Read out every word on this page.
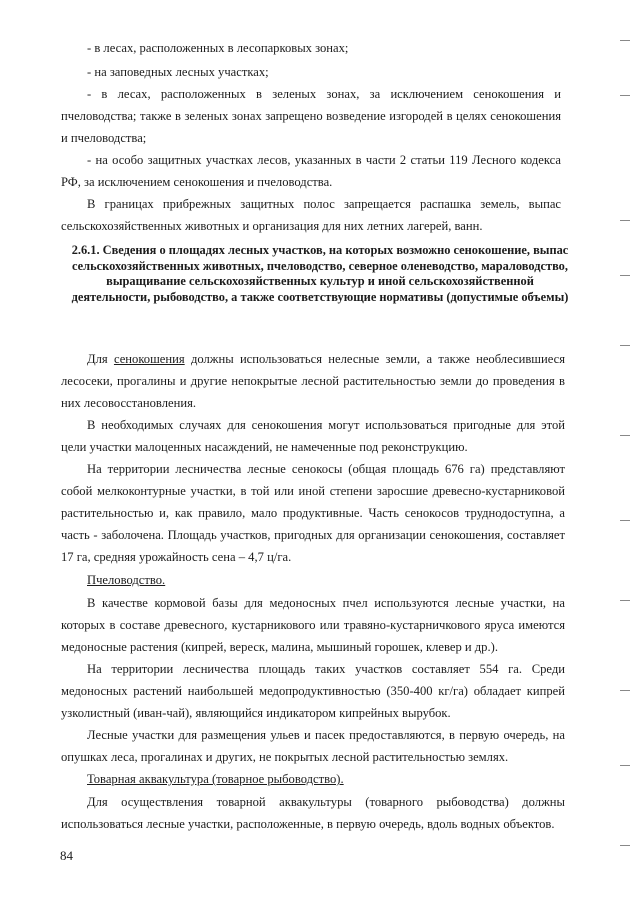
- в лесах, расположенных в лесопарковых зонах;

- на заповедных лесных участках;

- в лесах, расположенных в зеленых зонах, за исключением сенокошения и пчеловодства; также в зеленых зонах запрещено возведение изгородей в целях сенокошения и пчеловодства;

- на особо защитных участках лесов, указанных в части 2 статьи 119 Лесного кодекса РФ, за исключением сенокошения и пчеловодства.

В границах прибрежных защитных полос запрещается распашка земель, выпас сельскохозяйственных животных и организация для них летних лагерей, ванн.

2.6.1. Сведения о площадях лесных участков, на которых возможно сенокошение, выпас сельскохозяйственных животных, пчеловодство, северное оленеводство, мараловодство, выращивание сельскохозяйственных культур и иной сельскохозяйственной деятельности, рыбоводство, а также соответствующие нормативы (допустимые объемы)

Для сенокошения должны использоваться нелесные земли, а также необлесившиеся лесосеки, прогалины и другие непокрытые лесной растительностью земли до проведения в них лесовосстановления.

В необходимых случаях для сенокошения могут использоваться пригодные для этой цели участки малоценных насаждений, не намеченные под реконструкцию.

На территории лесничества лесные сенокосы (общая площадь 676 га) представляют собой мелкоконтурные участки, в той или иной степени заросшие древесно-кустарниковой растительностью и, как правило, мало продуктивные. Часть сенокосов труднодоступна, а часть - заболочена. Площадь участков, пригодных для организации сенокошения, составляет 17 га, средняя урожайность сена – 4,7 ц/га.

Пчеловодство.

В качестве кормовой базы для медоносных пчел используются лесные участки, на которых в составе древесного, кустарникового или травяно-кустарничкового яруса имеются медоносные растения (кипрей, вереск, малина, мышиный горошек, клевер и др.).

На территории лесничества площадь таких участков составляет 554 га. Среди медоносных растений наибольшей медопродуктивностью (350-400 кг/га) обладает кипрей узколистный (иван-чай), являющийся индикатором кипрейных вырубок.

Лесные участки для размещения ульев и пасек предоставляются, в первую очередь, на опушках леса, прогалинах и других, не покрытых лесной растительностью землях.

Товарная аквакультура (товарное рыбоводство).

Для осуществления товарной аквакультуры (товарного рыбоводства) должны использоваться лесные участки, расположенные, в первую очередь, вдоль водных объектов.

84
